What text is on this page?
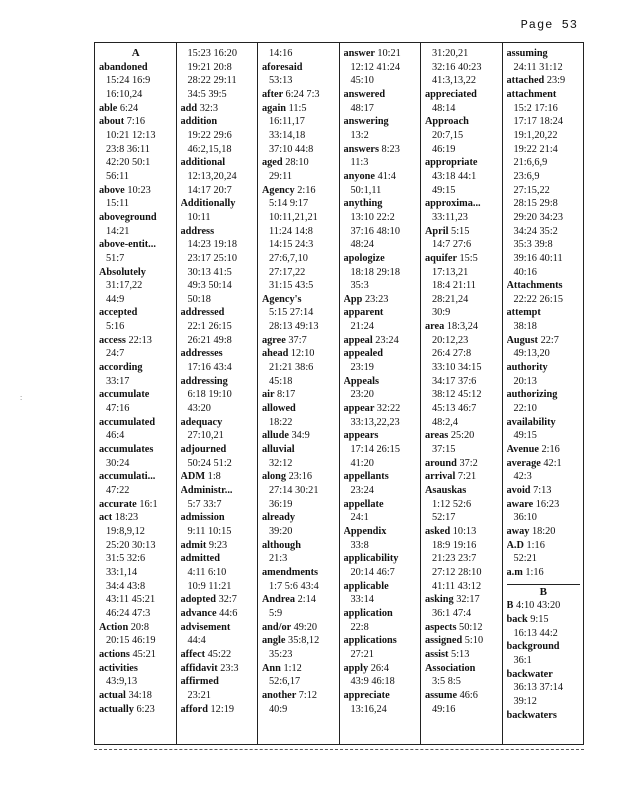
Page 53
:
A
abandoned
15:24 16:9
16:10,24
able 6:24
about 7:16
10:21 12:13
23:8 36:11
42:20 50:1
56:11
above 10:23
15:11
aboveground
14:21
above-entit...
51:7
Absolutely
31:17,22
44:9
accepted
5:16
access 22:13
24:7
according
33:17
accumulate
47:16
accumulated
46:4
accumulates
30:24
accumulati...
47:22
accurate 16:1
act 18:23
19:8,9,12
25:20 30:13
31:5 32:6
33:1,14
34:4 43:8
43:11 45:21
46:24 47:3
Action 20:8
20:15 46:19
actions 45:21
activities
43:9,13
actual 34:18
actually 6:23
15:23 16:20
19:21 20:8
28:22 29:11
34:5 39:5
add 32:3
addition
19:22 29:6
46:2,15,18
additional
12:13,20,24
14:17 20:7
Additionally
10:11
address
14:23 19:18
23:17 25:10
30:13 41:5
49:3 50:14
50:18
addressed
22:1 26:15
26:21 49:8
addresses
17:16 43:4
addressing
6:18 19:10
43:20
adequacy
27:10,21
adjourned
50:24 51:2
ADM 1:8
Administr...
5:7 33:7
admission
9:11 10:15
admit 9:23
admitted
4:11 6:10
10:9 11:21
adopted 32:7
advance 44:6
advisement
44:4
affect 45:22
affidavit 23:3
affirmed
23:21
afford 12:19
14:16
aforesaid
53:13
after 6:24 7:3
again 11:5
16:11,17
33:14,18
37:10 44:8
aged 28:10
29:11
Agency 2:16
5:14 9:17
10:11,21,21
11:24 14:8
14:15 24:3
27:6,7,10
27:17,22
31:15 43:5
Agency's
5:15 27:14
28:13 49:13
agree 37:7
ahead 12:10
21:21 38:6
45:18
air 8:17
allowed
18:22
allude 34:9
alluvial
32:12
along 23:16
27:14 30:21
36:19
already
39:20
although
21:3
amendments
1:7 5:6 43:4
Andrea 2:14
5:9
and/or 49:20
angle 35:8,12
35:23
Ann 1:12
52:6,17
another 7:12
40:9
answer 10:21
12:12 41:24
45:10
answered
48:17
answering
13:2
answers 8:23
11:3
anyone 41:4
50:1,11
anything
13:10 22:2
37:16 48:10
48:24
apologize
18:18 29:18
35:3
App 23:23
apparent
21:24
appeal 23:24
appealed
23:19
Appeals
23:20
appear 32:22
33:13,22,23
appears
17:14 26:15
41:20
appellants
23:24
appellate
24:1
Appendix
33:8
applicability
20:14 46:7
applicable
33:14
application
22:8
applications
27:21
apply 26:4
43:9 46:18
appreciate
13:16,24
31:20,21
32:16 40:23
41:3,13,22
appreciated
48:14
Approach
20:7,15
46:19
appropriate
43:18 44:1
49:15
approxima...
33:11,23
April 5:15
14:7 27:6
aquifer 15:5
17:13,21
18:4 21:11
28:21,24
30:9
area 18:3,24
20:12,23
26:4 27:8
33:10 34:15
34:17 37:6
38:12 45:12
45:13 46:7
48:2,4
areas 25:20
37:15
around 37:2
arrival 7:21
Asauskas
1:12 52:6
52:17
asked 10:13
18:9 19:16
21:23 23:7
27:12 28:10
41:11 43:12
asking 32:17
36:1 47:4
aspects 50:12
assigned 5:10
assist 5:13
Association
3:5 8:5
assume 46:6
49:16
assuming
24:11 31:12
attached 23:9
attachment
15:2 17:16
17:17 18:24
19:1,20,22
19:22 21:4
21:6,6,9
23:6,9
27:15,22
28:15 29:8
29:20 34:23
34:24 35:2
35:3 39:8
39:16 40:11
40:16
Attachments
22:22 26:15
attempt
38:18
August 22:7
49:13,20
authority
20:13
authorizing
22:10
availability
49:15
Avenue 2:16
average 42:1
42:3
avoid 7:13
aware 16:23
36:10
away 18:20
A.D 1:16
52:21
a.m 1:16
B
B 4:10 43:20
back 9:15
16:13 44:2
background
36:1
backwater
36:13 37:14
39:12
backwaters
